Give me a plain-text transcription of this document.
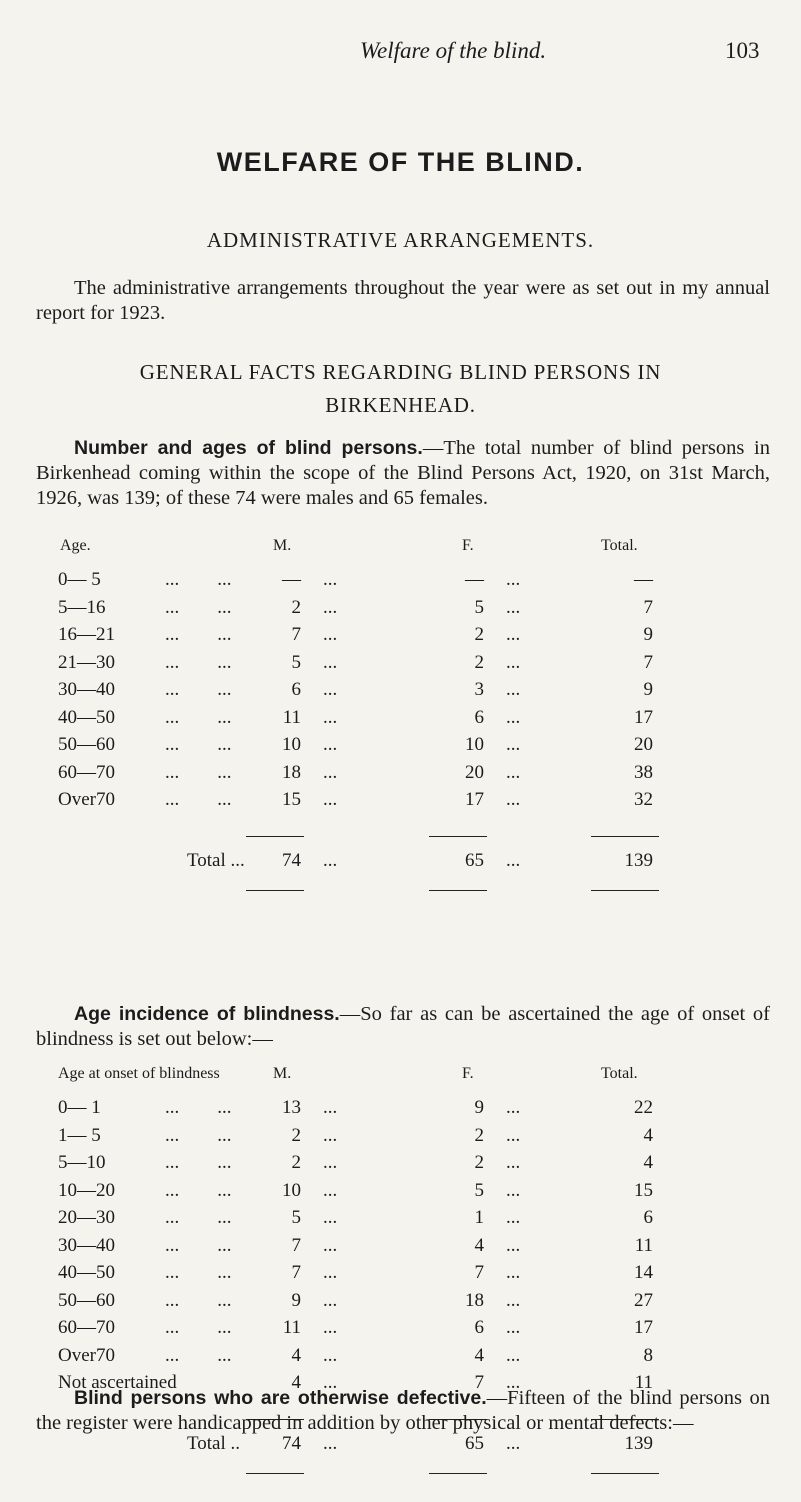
Welfare of the blind.	103
WELFARE OF THE BLIND.
ADMINISTRATIVE ARRANGEMENTS.
The administrative arrangements throughout the year were as set out in my annual report for 1923.
GENERAL FACTS REGARDING BLIND PERSONS IN
BIRKENHEAD.
Number and ages of blind persons.—The total number of blind persons in Birkenhead coming within the scope of the Blind Persons Act, 1920, on 31st March, 1926, was 139; of these 74 were males and 65 females.
Age.	M.	F.	Total.
0— 5	...        ...	— ...	— ...	—
5—16	...        ...	2 ...	5 ...	7
16—21	...        ...	7 ...	2 ...	9
21—30	...        ...	5 ...	2 ...	7
30—40	...        ...	6 ...	3 ...	9
40—50	...        ...	11 ...	6 ...	17
50—60	...        ...	10 ...	10 ...	20
60—70	...        ...	18 ...	20 ...	38
Over70	...        ...	15 ...	17 ...	32
Total ...	74 ...	65 ...	139
Age incidence of blindness.—So far as can be ascertained the age of onset of blindness is set out below:—
Age at onset of blindness	M.	F.	Total.
0— 1	...        ...	13 ...	9 ...	22
1— 5	...        ...	2 ...	2 ...	4
5—10	...        ...	2 ...	2 ...	4
10—20	...        ...	10 ...	5 ...	15
20—30	...        ...	5 ...	1 ...	6
30—40	...        ...	7 ...	4 ...	11
40—50	...        ...	7 ...	7 ...	14
50—60	...        ...	9 ...	18 ...	27
60—70	...        ...	11 ...	6 ...	17
Over70	...        ...	4 ...	4 ...	8
Not ascertained	4 ...	7 ...	11
Total ..	74 ...	65 ...	139
Blind persons who are otherwise defective.—Fifteen of the blind persons on the register were handicapped in addition by other physical or mental defects:—
